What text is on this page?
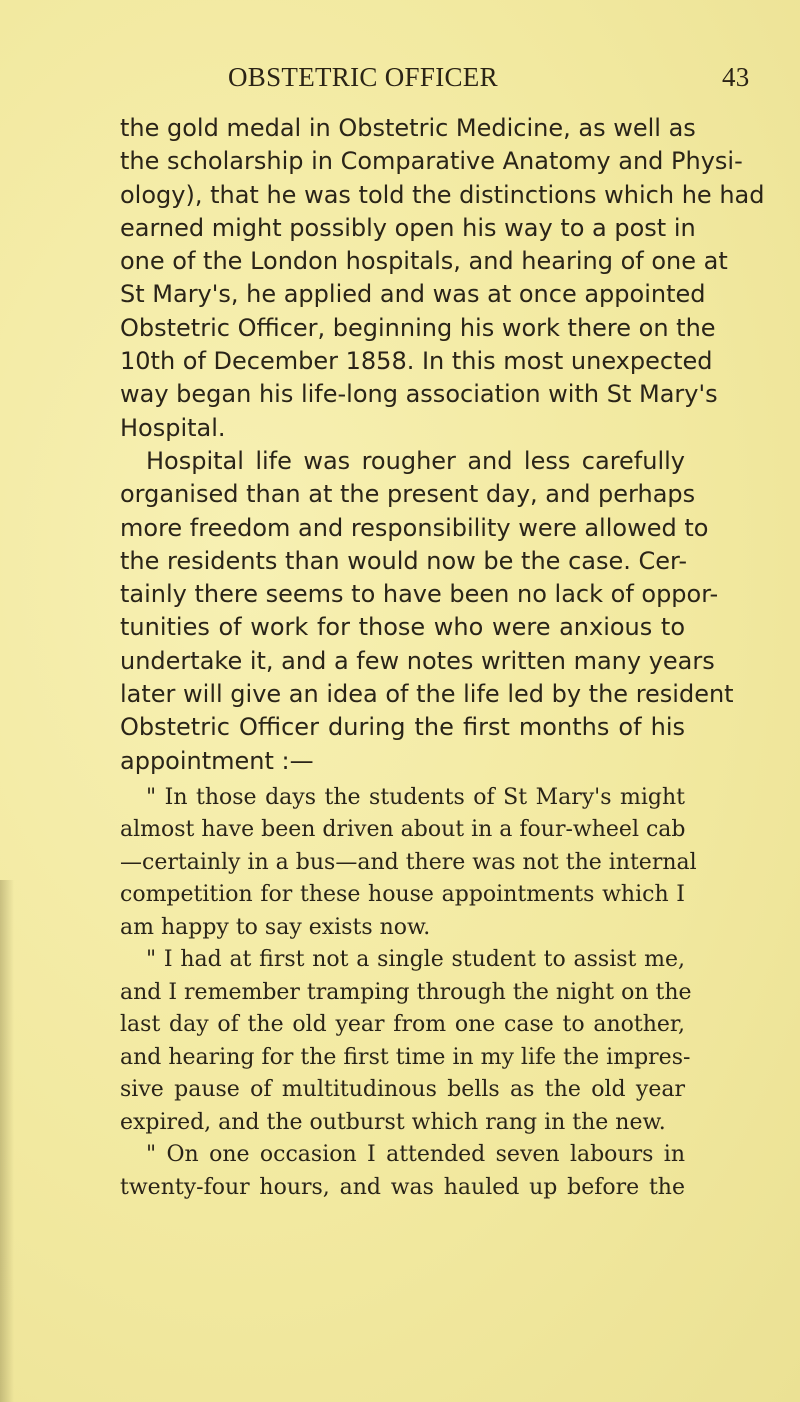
OBSTETRIC OFFICER	43
the gold medal in Obstetric Medicine, as well as
the scholarship in Comparative Anatomy and Physi-
ology), that he was told the distinctions which he had
earned might possibly open his way to a post in
one of the London hospitals, and hearing of one at
St Mary's, he applied and was at once appointed
Obstetric Officer, beginning his work there on the
10th of December 1858. In this most unexpected
way began his life-long association with St Mary's
Hospital.
Hospital life was rougher and less carefully
organised than at the present day, and perhaps
more freedom and responsibility were allowed to
the residents than would now be the case. Cer-
tainly there seems to have been no lack of oppor-
tunities of work for those who were anxious to
undertake it, and a few notes written many years
later will give an idea of the life led by the resident
Obstetric Officer during the first months of his
appointment :—
" In those days the students of St Mary's might
almost have been driven about in a four-wheel cab
—certainly in a bus—and there was not the internal
competition for these house appointments which I
am happy to say exists now.
" I had at first not a single student to assist me,
and I remember tramping through the night on the
last day of the old year from one case to another,
and hearing for the first time in my life the impres-
sive pause of multitudinous bells as the old year
expired, and the outburst which rang in the new.
" On one occasion I attended seven labours in
twenty-four hours, and was hauled up before the
